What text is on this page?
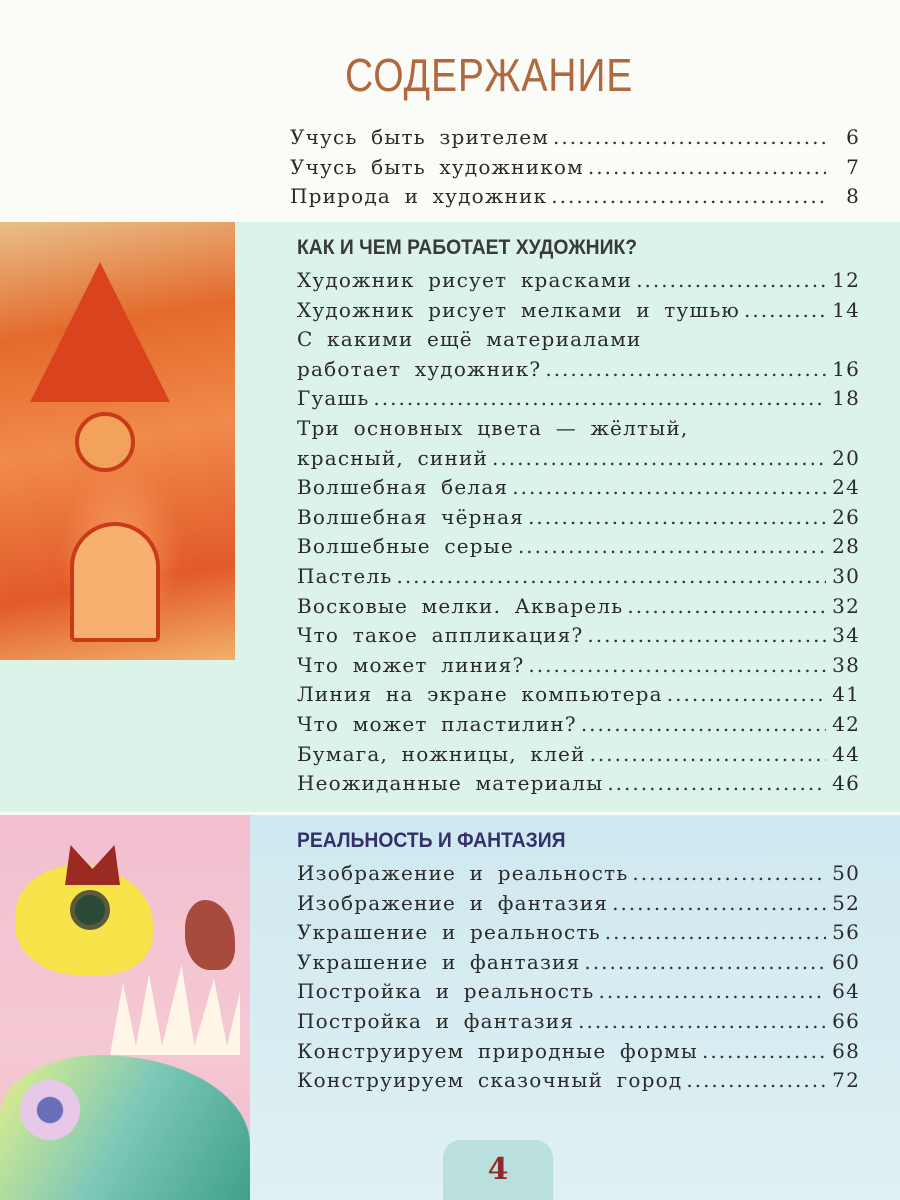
СОДЕРЖАНИЕ
Учусь быть зрителем .....	6
Учусь быть художником .....	7
Природа и художник .....	8
КАК И ЧЕМ РАБОТАЕТ ХУДОЖНИК?
Художник рисует красками .....	12
Художник рисует мелками и тушью .....	14
С какими ещё материалами
работает художник? .....	16
Гуашь .....	18
Три основных цвета — жёлтый,
красный, синий .....	20
Волшебная белая .....	24
Волшебная чёрная .....	26
Волшебные серые .....	28
Пастель .....	30
Восковые мелки. Акварель .....	32
Что такое аппликация? .....	34
Что может линия? .....	38
Линия на экране компьютера .....	41
Что может пластилин? .....	42
Бумага, ножницы, клей .....	44
Неожиданные материалы .....	46
РЕАЛЬНОСТЬ И ФАНТАЗИЯ
Изображение и реальность .....	50
Изображение и фантазия .....	52
Украшение и реальность .....	56
Украшение и фантазия .....	60
Постройка и реальность .....	64
Постройка и фантазия .....	66
Конструируем природные формы .....	68
Конструируем сказочный город .....	72
4
